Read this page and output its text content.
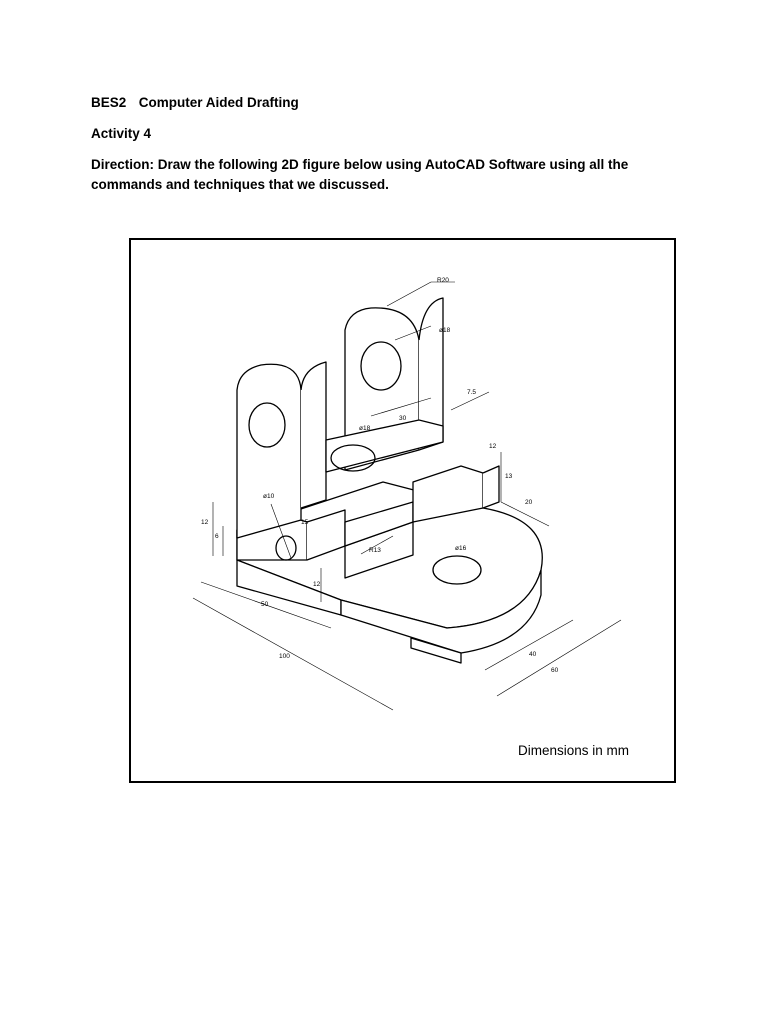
BES2 Computer Aided Drafting
Activity 4
Direction: Draw the following 2D figure below using AutoCAD Software using all the
commands and techniques that we discussed.
R20
ø18
7.5
30
ø18
12
13
20
12
6
ø10
15
R13	ø16
12
50
100	40
60
Dimensions in mm
